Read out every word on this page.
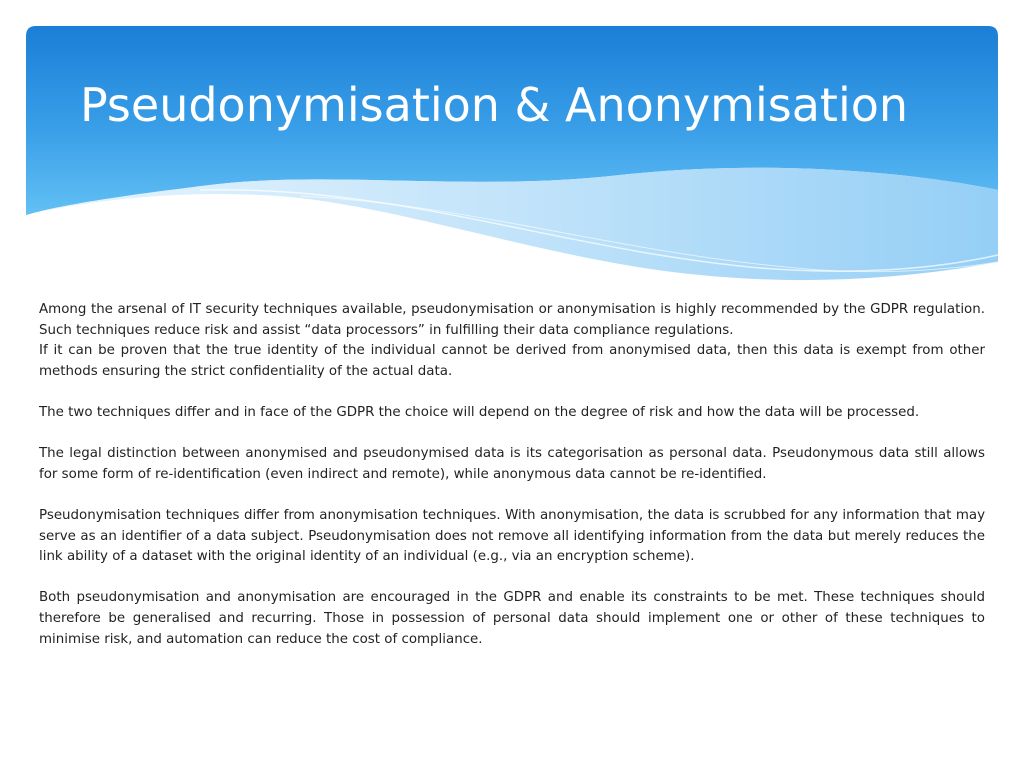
Pseudonymisation & Anonymisation

Among the arsenal of IT security techniques available, pseudonymisation or anonymisation is highly recommended by the GDPR regulation. Such techniques reduce risk and assist “data processors” in fulfilling their data compliance regulations.

If it can be proven that the true identity of the individual cannot be derived from anonymised data, then this data is exempt from other methods ensuring the strict confidentiality of the actual data.

The two techniques differ and in face of the GDPR the choice will depend on the degree of risk and how the data will be processed.

The legal distinction between anonymised and pseudonymised data is its categorisation as personal data. Pseudonymous data still allows for some form of re-identification (even indirect and remote), while anonymous data cannot be re-identified.

Pseudonymisation techniques differ from anonymisation techniques. With anonymisation, the data is scrubbed for any information that may serve as an identifier of a data subject. Pseudonymisation does not remove all identifying information from the data but merely reduces the link ability of a dataset with the original identity of an individual (e.g., via an encryption scheme).

Both pseudonymisation and anonymisation are encouraged in the GDPR and enable its constraints to be met. These techniques should therefore be generalised and recurring. Those in possession of personal data should implement one or other of these techniques to minimise risk, and automation can reduce the cost of compliance.
